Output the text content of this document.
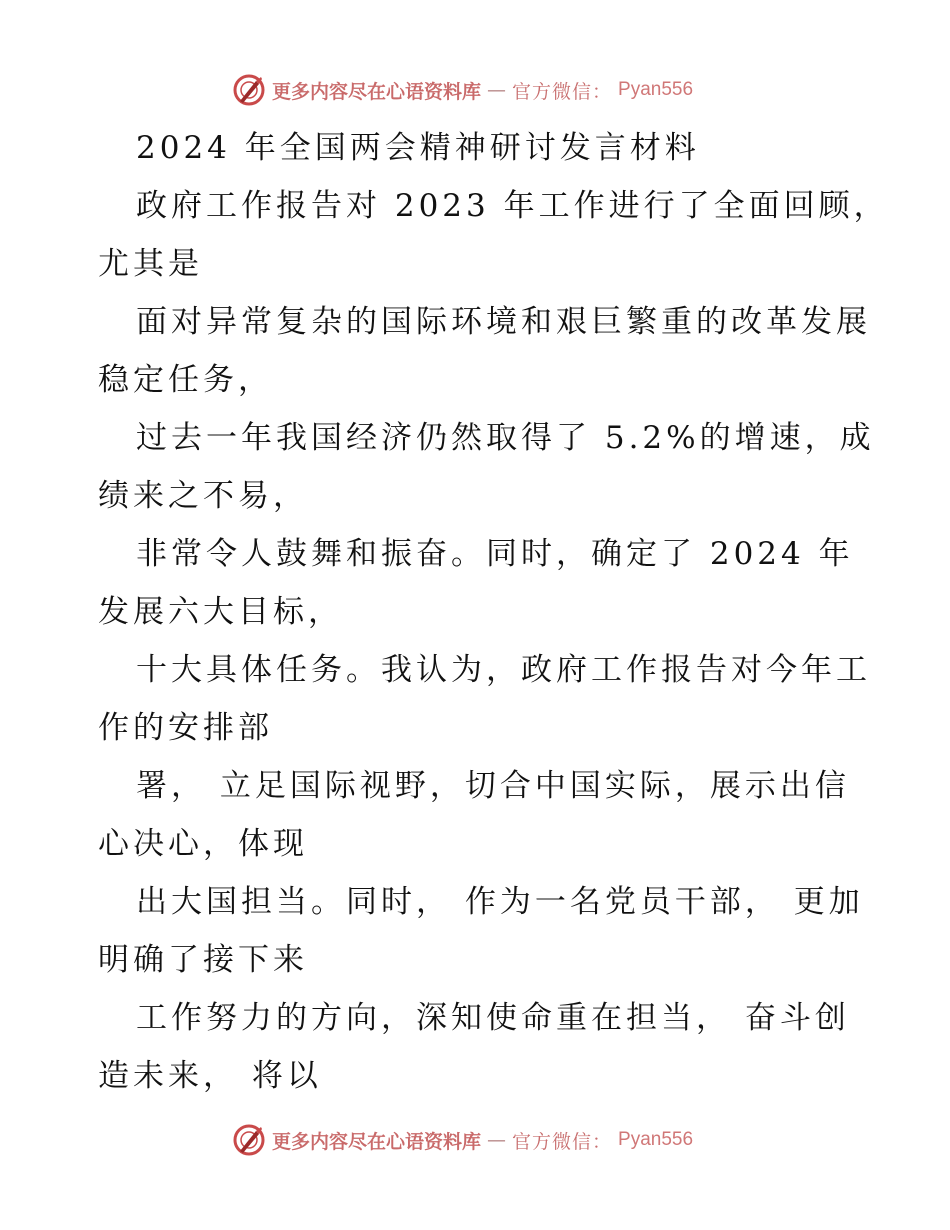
更多内容尽在心语资料库 — 官方微信： Pyan556
2024 年全国两会精神研讨发言材料
政府工作报告对 2023 年工作进行了全面回顾，
尤其是
面对异常复杂的国际环境和艰巨繁重的改革发展
稳定任务，
过去一年我国经济仍然取得了 5.2%的增速，成
绩来之不易，
非常令人鼓舞和振奋。同时，确定了 2024 年
发展六大目标，
十大具体任务。我认为，政府工作报告对今年工
作的安排部
署， 立足国际视野，切合中国实际，展示出信
心决心，体现
出大国担当。同时， 作为一名党员干部， 更加
明确了接下来
工作努力的方向，深知使命重在担当， 奋斗创
造未来， 将以
更多内容尽在心语资料库 — 官方微信： Pyan556
